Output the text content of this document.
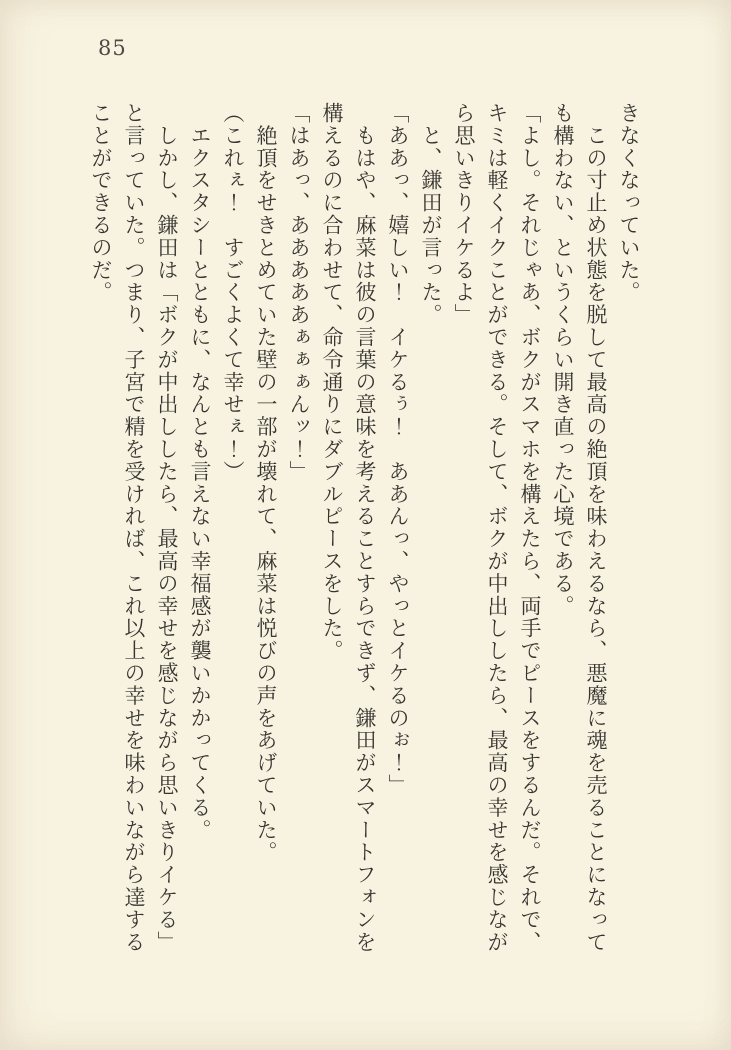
85

きなくなっていた。

　この寸止め状態を脱して最高の絶頂を味わえるなら、悪魔に魂を売ることになっても構わない、というくらい開き直った心境である。

「よし。それじゃあ、ボクがスマホを構えたら、両手でピースをするんだ。それで、キミは軽くイクことができる。そして、ボクが中出ししたら、最高の幸せを感じながら思いきりイケるよ」

　と、鎌田が言った。

「ああっ、嬉しい！　イケるぅ！　ああんっ、やっとイケるのぉ！」

　もはや、麻菜は彼の言葉の意味を考えることすらできず、鎌田がスマートフォンを構えるのに合わせて、命令通りにダブルピースをした。

「はあっ、あああああぁぁぁんッ！」

　絶頂をせきとめていた壁の一部が壊れて、麻菜は悦びの声をあげていた。

（これぇ！　すごくよくて幸せぇ！）

　エクスタシーとともに、なんとも言えない幸福感が襲いかかってくる。

　しかし、鎌田は「ボクが中出ししたら、最高の幸せを感じながら思いきりイケる」と言っていた。つまり、子宮で精を受ければ、これ以上の幸せを味わいながら達することができるのだ。
